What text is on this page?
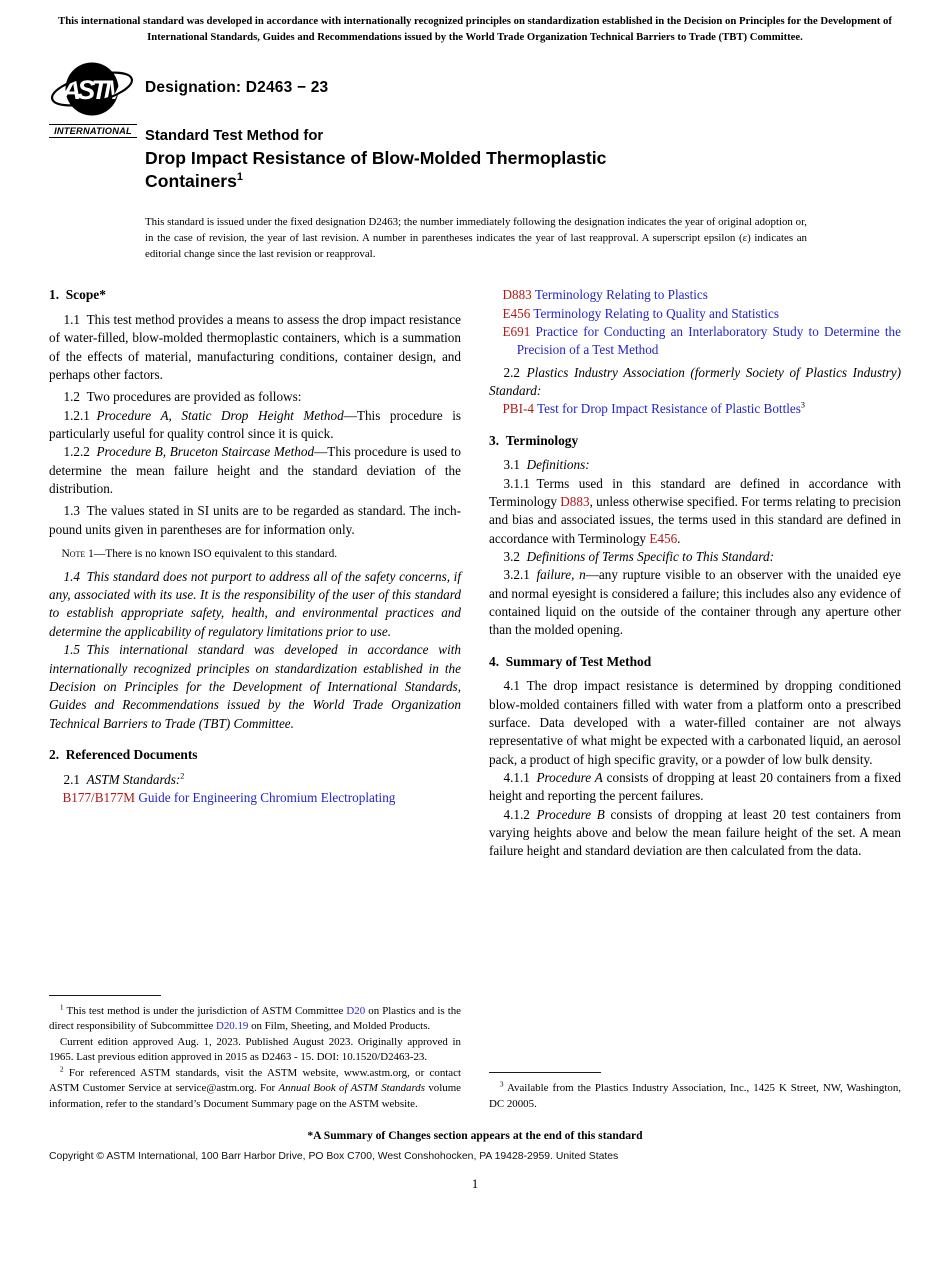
This international standard was developed in accordance with internationally recognized principles on standardization established in the Decision on Principles for the Development of International Standards, Guides and Recommendations issued by the World Trade Organization Technical Barriers to Trade (TBT) Committee.
ASTM
INTERNATIONAL
Designation: D2463 − 23
Standard Test Method for
Drop Impact Resistance of Blow-Molded Thermoplastic
Containers$^1$
This standard is issued under the fixed designation D2463; the number immediately following the designation indicates the year of original adoption or, in the case of revision, the year of last revision. A number in parentheses indicates the year of last reapproval. A superscript epsilon (ε) indicates an editorial change since the last revision or reapproval.
1. Scope*
1.1 This test method provides a means to assess the drop impact resistance of water-filled, blow-molded thermoplastic containers, which is a summation of the effects of material, manufacturing conditions, container design, and perhaps other factors.
1.2 Two procedures are provided as follows:
1.2.1 Procedure A, Static Drop Height Method—This procedure is particularly useful for quality control since it is quick.
1.2.2 Procedure B, Bruceton Staircase Method—This procedure is used to determine the mean failure height and the standard deviation of the distribution.
1.3 The values stated in SI units are to be regarded as standard. The inch-pound units given in parentheses are for information only.
Note 1—There is no known ISO equivalent to this standard.
1.4 This standard does not purport to address all of the safety concerns, if any, associated with its use. It is the responsibility of the user of this standard to establish appropriate safety, health, and environmental practices and determine the applicability of regulatory limitations prior to use.
1.5 This international standard was developed in accordance with internationally recognized principles on standardization established in the Decision on Principles for the Development of International Standards, Guides and Recommendations issued by the World Trade Organization Technical Barriers to Trade (TBT) Committee.
2. Referenced Documents
2.1 ASTM Standards:$^2$
B177/B177M Guide for Engineering Chromium Electroplating
$^1$ This test method is under the jurisdiction of ASTM Committee D20 on Plastics and is the direct responsibility of Subcommittee D20.19 on Film, Sheeting, and Molded Products.
Current edition approved Aug. 1, 2023. Published August 2023. Originally approved in 1965. Last previous edition approved in 2015 as D2463 - 15. DOI: 10.1520/D2463-23.
$^2$ For referenced ASTM standards, visit the ASTM website, www.astm.org, or contact ASTM Customer Service at service@astm.org. For Annual Book of ASTM Standards volume information, refer to the standard’s Document Summary page on the ASTM website.
D883 Terminology Relating to Plastics
E456 Terminology Relating to Quality and Statistics
E691 Practice for Conducting an Interlaboratory Study to Determine the Precision of a Test Method
2.2 Plastics Industry Association (formerly Society of Plastics Industry) Standard:
PBI-4 Test for Drop Impact Resistance of Plastic Bottles$^3$
3. Terminology
3.1 Definitions:
3.1.1 Terms used in this standard are defined in accordance with Terminology D883, unless otherwise specified. For terms relating to precision and bias and associated issues, the terms used in this standard are defined in accordance with Terminology E456.
3.2 Definitions of Terms Specific to This Standard:
3.2.1 failure, n—any rupture visible to an observer with the unaided eye and normal eyesight is considered a failure; this includes also any evidence of contained liquid on the outside of the container through any aperture other than the molded opening.
4. Summary of Test Method
4.1 The drop impact resistance is determined by dropping conditioned blow-molded containers filled with water from a platform onto a prescribed surface. Data developed with a water-filled container are not always representative of what might be expected with a carbonated liquid, an aerosol pack, a product of high specific gravity, or a powder of low bulk density.
4.1.1 Procedure A consists of dropping at least 20 containers from a fixed height and reporting the percent failures.
4.1.2 Procedure B consists of dropping at least 20 test containers from varying heights above and below the mean failure height of the set. A mean failure height and standard deviation are then calculated from the data.
$^3$ Available from the Plastics Industry Association, Inc., 1425 K Street, NW, Washington, DC 20005.
*A Summary of Changes section appears at the end of this standard
Copyright © ASTM International, 100 Barr Harbor Drive, PO Box C700, West Conshohocken, PA 19428-2959. United States
1
